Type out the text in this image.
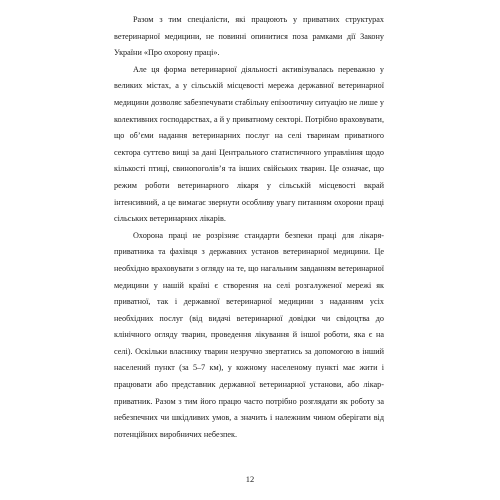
Разом з тим спеціалісти, які працюють у приватних структурах ветеринарної медицини, не повинні опинитися поза рамками дії Закону України «Про охорону праці».

Але ця форма ветеринарної діяльності активізувалась переважно у великих містах, а у сільській місцевості мережа державної ветеринарної медицини дозволяє забезпечувати стабільну епізоотичну ситуацію не лише у колективних господарствах, а й у приватному секторі. Потрібно враховувати, що об’єми надання ветеринарних послуг на селі тваринам приватного сектора суттєво вищі за дані Центрального статистичного управління щодо кількості птиці, свинопоголів’я та інших свійських тварин. Це означає, що режим роботи ветеринарного лікаря у сільській місцевості вкрай інтенсивний, а це вимагає звернути особливу увагу питанням охорони праці сільських ветеринарних лікарів.

Охорона праці не розрізняє стандарти безпеки праці для лікаря-приватника та фахівця з державних установ ветеринарної медицини. Це необхідно враховувати з огляду на те, що нагальним завданням ветеринарної медицини у нашій країні є створення на селі розгалуженої мережі як приватної, так і державної ветеринарної медицини з наданням усіх необхідних послуг (від видачі ветеринарної довідки чи свідоцтва до клінічного огляду тварин, проведення лікування й іншої роботи, яка є на селі). Оскільки власнику тварин незручно звертатись за допомогою в інший населений пункт (за 5–7 км), у кожному населеному пункті має жити і працювати або представник державної ветеринарної установи, або лікар-приватник. Разом з тим його працю часто потрібно розглядати як роботу за небезпечних чи шкідливих умов, а значить і належним чином оберігати від потенційних виробничих небезпек.

12
